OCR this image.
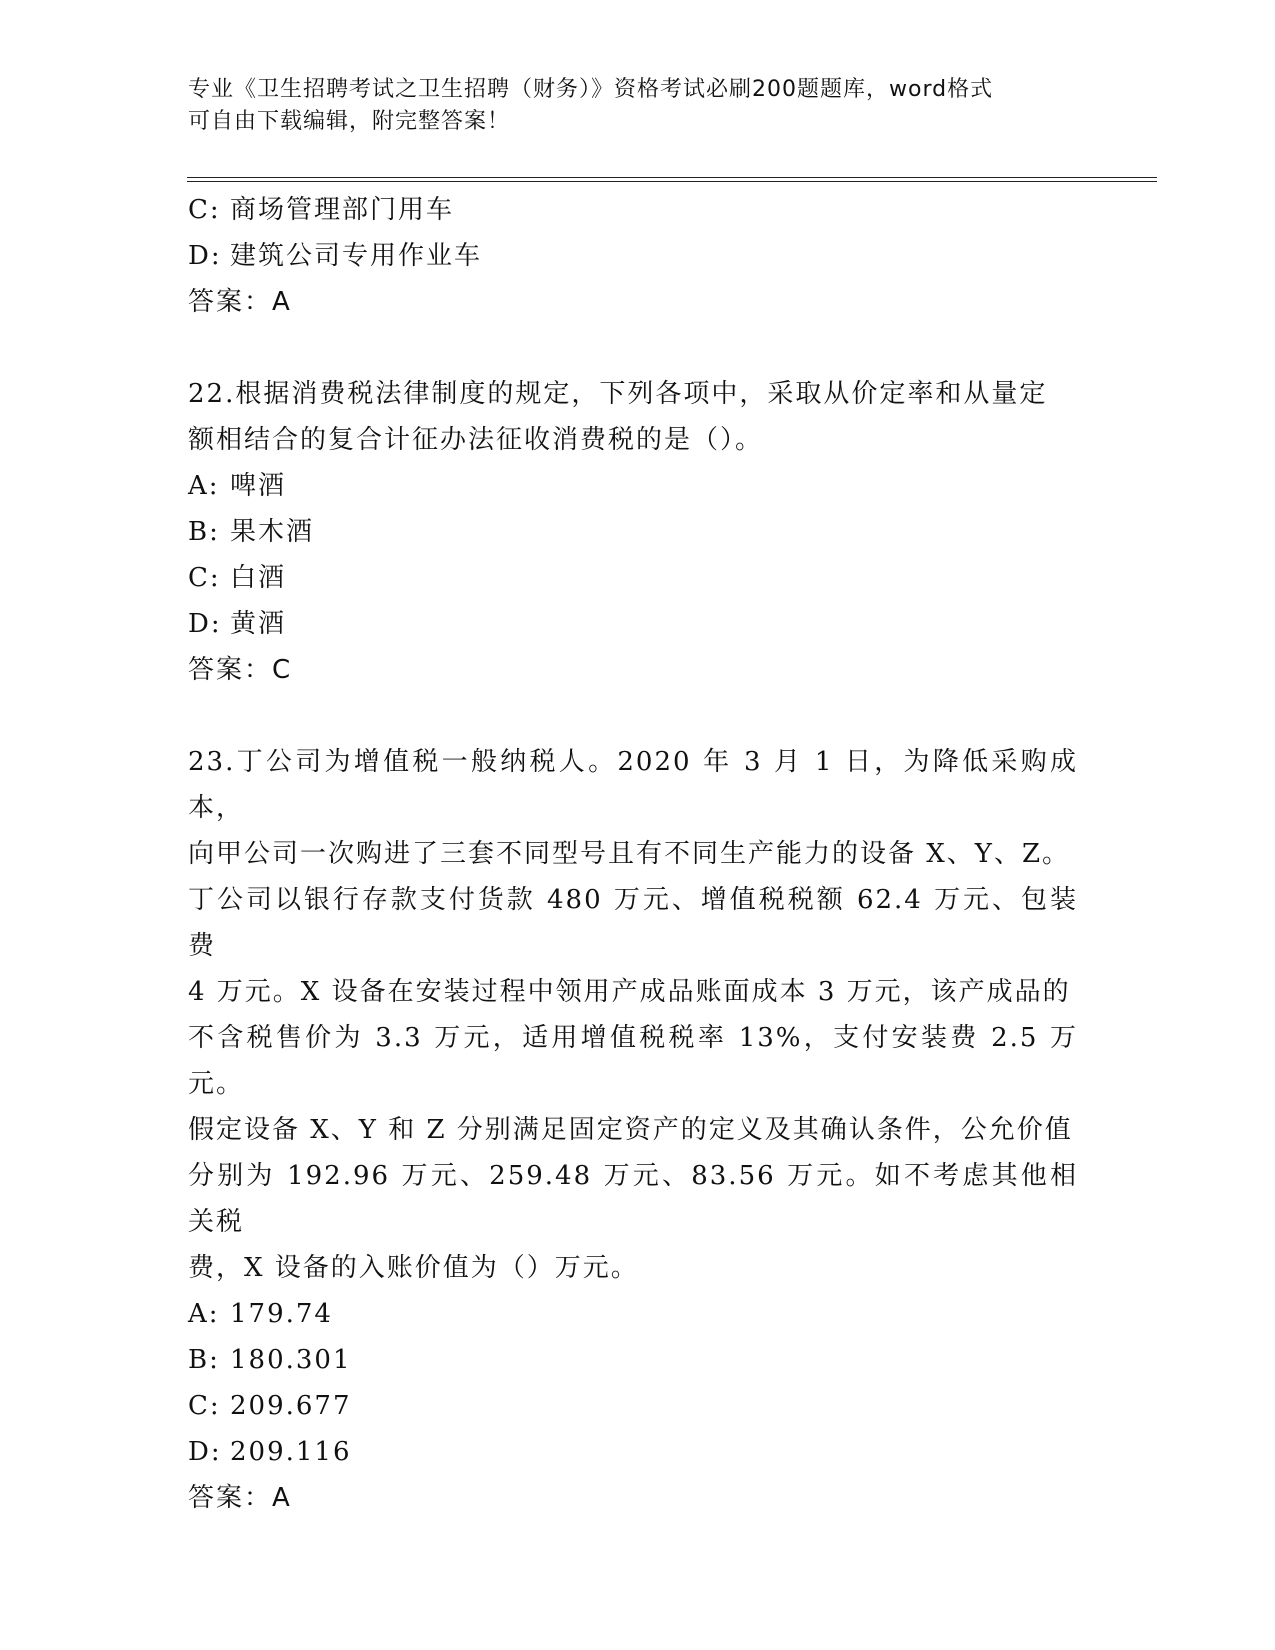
专业《卫生招聘考试之卫生招聘（财务）》资格考试必刷200题题库，word格式
可自由下载编辑，附完整答案！
C: 商场管理部门用车
D: 建筑公司专用作业车
答案：A
22.根据消费税法律制度的规定，下列各项中，采取从价定率和从量定
额相结合的复合计征办法征收消费税的是（）。
A: 啤酒
B: 果木酒
C: 白酒
D: 黄酒
答案：C
23.丁公司为增值税一般纳税人。2020 年 3 月 1 日，为降低采购成本，
向甲公司一次购进了三套不同型号且有不同生产能力的设备 X、Y、Z。
丁公司以银行存款支付货款 480 万元、增值税税额 62.4 万元、包装费
4 万元。X 设备在安装过程中领用产成品账面成本 3 万元，该产成品的
不含税售价为 3.3 万元，适用增值税税率 13%，支付安装费 2.5 万元。
假定设备 X、Y 和 Z 分别满足固定资产的定义及其确认条件，公允价值
分别为 192.96 万元、259.48 万元、83.56 万元。如不考虑其他相关税
费，X 设备的入账价值为（）万元。
A: 179.74
B: 180.301
C: 209.677
D: 209.116
答案：A
